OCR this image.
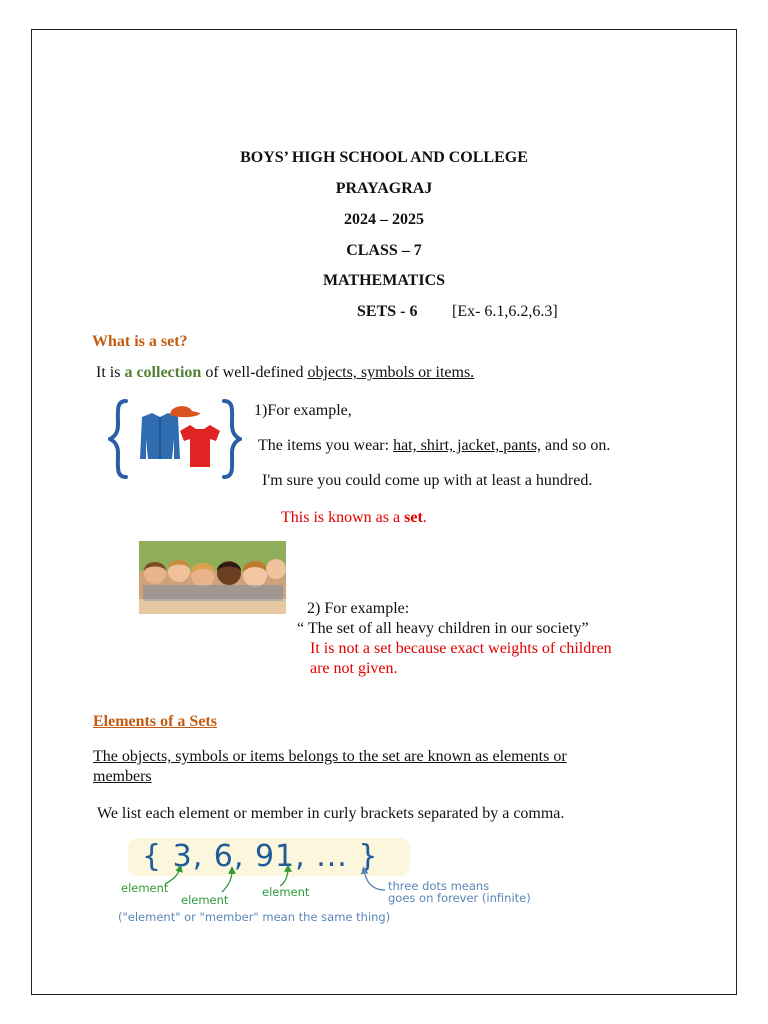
BOYS’ HIGH SCHOOL AND COLLEGE
PRAYAGRAJ
2024 – 2025
CLASS – 7
MATHEMATICS
SETS - 6 [Ex- 6.1,6.2,6.3]
What is a set?
It is a collection of well-defined objects, symbols or items.
1)For example,
The items you wear: hat, shirt, jacket, pants, and so on.
I'm sure you could come up with at least a hundred.
This is known as a set.
2) For example:
“ The set of all heavy children in our society”
It is not a set because exact weights of children
are not given.
Elements of a Sets
The objects, symbols or items belongs to the set are known as elements or
members
We list each element or member in curly brackets separated by a comma.
{ 3, 6, 91, ... }
element
element
element	three dots means
goes on forever (infinite)
("element" or "member" mean the same thing)
